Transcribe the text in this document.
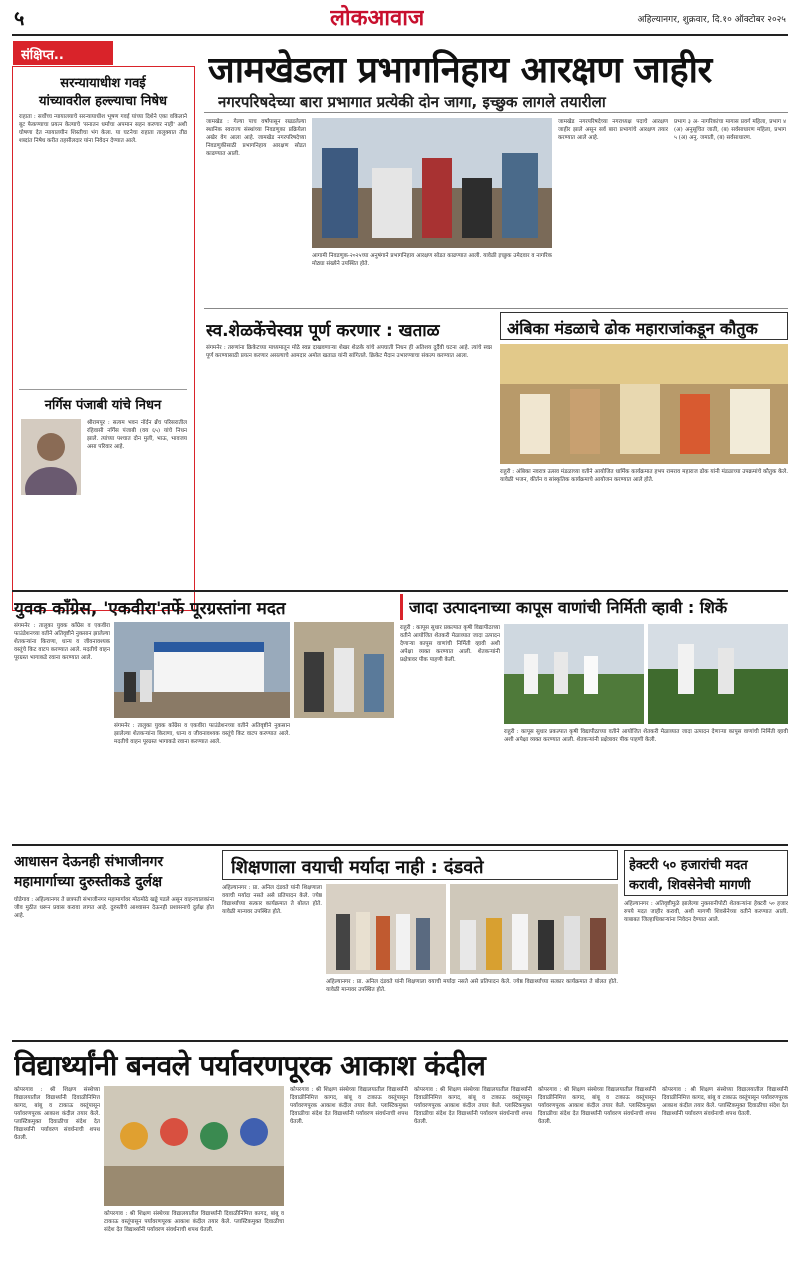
५	लोकआवाज	अहिल्यानगर, शुक्रवार, दि.१० ऑक्टोबर २०२५
संक्षिप्त..
सरन्यायाधीश गवई
यांच्यावरील हल्ल्याचा निषेध
राहाता : सर्वोच्च न्यायालयाचे सरन्यायाधीश भूषण गवई यांच्या दिशेने एका वकिलाने बूट फेकण्याचा प्रयत्न केल्याचे 'सनातन धर्माचा अपमान सहन करणार नाही' अशी घोषणा देत न्यायालयीन शिस्तीचा भंग केला. या घटनेचा राहाता तालुक्यात तीव्र शब्दांत निषेध करीत तहसीलदार यांना निवेदन देण्यात आले.
नर्गिस पंजाबी यांचे निधन
श्रीरामपूर : सत्यम भवन नॉर्दन ब्रँच परिसरातील रहिवासी नर्गिस पंजाबी (वय ६५) यांचे निधन झाले. त्यांच्या पश्चात दोन मुली, भाऊ, भावजय असा परिवार आहे.
जामखेडला प्रभागनिहाय आरक्षण जाहीर
नगरपरिषदेच्या बारा प्रभागात प्रत्येकी दोन जागा, इच्छुक लागले तयारीला
जामखेड : गेल्या पाच वर्षांपासून रखडलेल्या स्थानिक स्वराज्य संस्थांच्या निवडणुका प्रक्रियेला अखेर वेग आला आहे. जामखेड नगरपरिषदेच्या निवडणुकीसाठी प्रभागनिहाय आरक्षण सोडत काढण्यात आली.
आगामी निवडणुक-२०२५च्या अनुषंगाने प्रभागनिहाय आरक्षण सोडत काढण्यात आली. यावेळी इच्छुक उमेदवार व नागरिक मोठ्या संख्येने उपस्थित होते.
जामखेड नगरपरिषदेच्या नगराध्यक्ष पदाचे आरक्षण जाहीर झाले असून सर्व बारा प्रभागांचे आरक्षण तयार करण्यात आले आहे.
प्रभाग ३ अ- नागरिकांचा मागास प्रवर्ग महिला, प्रभाग ४ (अ) अनुसूचित जाती, (ब) सर्वसाधारण महिला, प्रभाग ५ (अ) अनु. जमाती, (ब) सर्वसाधारण.
स्व.शेळकेंचेस्वप्न पूर्ण करणार : खताळ
संगमनेर : तरुणांना क्रिकेटच्या माध्यमातून मोठे स्वप्न दाखवणाऱ्या शेखर शेळके यांचे अपघाती निधन ही अतिशय दुर्दैवी घटना आहे. त्यांचे स्वप्न पूर्ण करण्यासाठी प्रयत्न करणार असल्याचे आमदार अमोल खताळ यांनी सांगितले. क्रिकेट मैदान उभारण्याचा संकल्प करण्यात आला.
अंबिका मंडळाचे ढोक महाराजांकडून कौतुक
राहुरी : अंबिका नवरात्र उत्सव मंडळाच्या वतीने आयोजित धार्मिक कार्यक्रमात हभप रामराव महाराज ढोक यांनी मंडळाच्या उपक्रमांचे कौतुक केले. यावेळी भजन, कीर्तन व सांस्कृतिक कार्यक्रमाचे आयोजन करण्यात आले होते.
युवक काँग्रेस, 'एकवीरा'तर्फे पूरग्रस्तांना मदत
संगमनेर : तालुका युवक काँग्रेस व एकवीरा फाउंडेशनच्या वतीने अतिवृष्टीने नुकसान झालेल्या शेतकऱ्यांना किराणा, धान्य व जीवनावश्यक वस्तूंचे किट वाटप करण्यात आले. मदतीचे वाहन पूरग्रस्त भागाकडे रवाना करण्यात आले.
संगमनेर : तालुका युवक काँग्रेस व एकवीरा फाउंडेशनच्या वतीने अतिवृष्टीने नुकसान झालेल्या शेतकऱ्यांना किराणा, धान्य व जीवनावश्यक वस्तूंचे किट वाटप करण्यात आले. मदतीचे वाहन पूरग्रस्त भागाकडे रवाना करण्यात आले.
जादा उत्पादनाच्या कापूस वाणांची निर्मिती व्हावी : शिर्के
राहुरी : कापूस सुधार प्रकल्पात कृषी विद्यापीठाच्या वतीने आयोजित शेतकरी मेळाव्यात जादा उत्पादन देणाऱ्या कापूस वाणांची निर्मिती व्हावी अशी अपेक्षा व्यक्त करण्यात आली. शेतकऱ्यांनी प्रक्षेत्रावर पीक पाहणी केली.
राहुरी : कापूस सुधार प्रकल्पात कृषी विद्यापीठाच्या वतीने आयोजित शेतकरी मेळाव्यात जादा उत्पादन देणाऱ्या कापूस वाणांची निर्मिती व्हावी अशी अपेक्षा व्यक्त करण्यात आली. शेतकऱ्यांनी प्रक्षेत्रावर पीक पाहणी केली.
आधासन देऊनही संभाजीनगर
महामार्गाच्या दुरुस्तीकडे दुर्लक्ष
घोडेगाव : अहिल्यानगर ते छत्रपती संभाजीनगर महामार्गावर मोठमोठे खड्डे पडले असून वाहनचालकांना जीव मुठीत धरून प्रवास करावा लागत आहे. दुरुस्तीचे आश्वासन देऊनही प्रशासनाचे दुर्लक्ष होत आहे.
शिक्षणाला वयाची मर्यादा नाही : दंडवते
अहिल्यानगर : प्रा. अनिल दंडवते यांनी शिक्षणाला वयाची मर्यादा नसते असे प्रतिपादन केले. ज्येष्ठ विद्यार्थ्यांच्या सत्कार कार्यक्रमात ते बोलत होते. यावेळी मान्यवर उपस्थित होते.
अहिल्यानगर : प्रा. अनिल दंडवते यांनी शिक्षणाला वयाची मर्यादा नसते असे प्रतिपादन केले. ज्येष्ठ विद्यार्थ्यांच्या सत्कार कार्यक्रमात ते बोलत होते. यावेळी मान्यवर उपस्थित होते.
हेक्टरी ५० हजारांची मदत
करावी, शिवसेनेची मागणी
अहिल्यानगर : अतिवृष्टीमुळे झालेल्या नुकसानीपोटी शेतकऱ्यांना हेक्टरी ५० हजार रुपये मदत जाहीर करावी, अशी मागणी शिवसेनेच्या वतीने करण्यात आली. याबाबत जिल्हाधिकाऱ्यांना निवेदन देण्यात आले.
विद्यार्थ्यांनी बनवले पर्यावरणपूरक आकाश कंदील
कोपरगाव : श्री शिक्षण संस्थेच्या विद्यालयातील विद्यार्थ्यांनी दिवाळीनिमित्त कागद, बांबू व टाकाऊ वस्तूंपासून पर्यावरणपूरक आकाश कंदील तयार केले. प्लास्टिकमुक्त दिवाळीचा संदेश देत विद्यार्थ्यांनी पर्यावरण संवर्धनाची शपथ घेतली.
कोपरगाव : श्री शिक्षण संस्थेच्या विद्यालयातील विद्यार्थ्यांनी दिवाळीनिमित्त कागद, बांबू व टाकाऊ वस्तूंपासून पर्यावरणपूरक आकाश कंदील तयार केले. प्लास्टिकमुक्त दिवाळीचा संदेश देत विद्यार्थ्यांनी पर्यावरण संवर्धनाची शपथ घेतली.
कोपरगाव : श्री शिक्षण संस्थेच्या विद्यालयातील विद्यार्थ्यांनी दिवाळीनिमित्त कागद, बांबू व टाकाऊ वस्तूंपासून पर्यावरणपूरक आकाश कंदील तयार केले. प्लास्टिकमुक्त दिवाळीचा संदेश देत विद्यार्थ्यांनी पर्यावरण संवर्धनाची शपथ घेतली.
कोपरगाव : श्री शिक्षण संस्थेच्या विद्यालयातील विद्यार्थ्यांनी दिवाळीनिमित्त कागद, बांबू व टाकाऊ वस्तूंपासून पर्यावरणपूरक आकाश कंदील तयार केले. प्लास्टिकमुक्त दिवाळीचा संदेश देत विद्यार्थ्यांनी पर्यावरण संवर्धनाची शपथ घेतली.
कोपरगाव : श्री शिक्षण संस्थेच्या विद्यालयातील विद्यार्थ्यांनी दिवाळीनिमित्त कागद, बांबू व टाकाऊ वस्तूंपासून पर्यावरणपूरक आकाश कंदील तयार केले. प्लास्टिकमुक्त दिवाळीचा संदेश देत विद्यार्थ्यांनी पर्यावरण संवर्धनाची शपथ घेतली.
कोपरगाव : श्री शिक्षण संस्थेच्या विद्यालयातील विद्यार्थ्यांनी दिवाळीनिमित्त कागद, बांबू व टाकाऊ वस्तूंपासून पर्यावरणपूरक आकाश कंदील तयार केले. प्लास्टिकमुक्त दिवाळीचा संदेश देत विद्यार्थ्यांनी पर्यावरण संवर्धनाची शपथ घेतली.
